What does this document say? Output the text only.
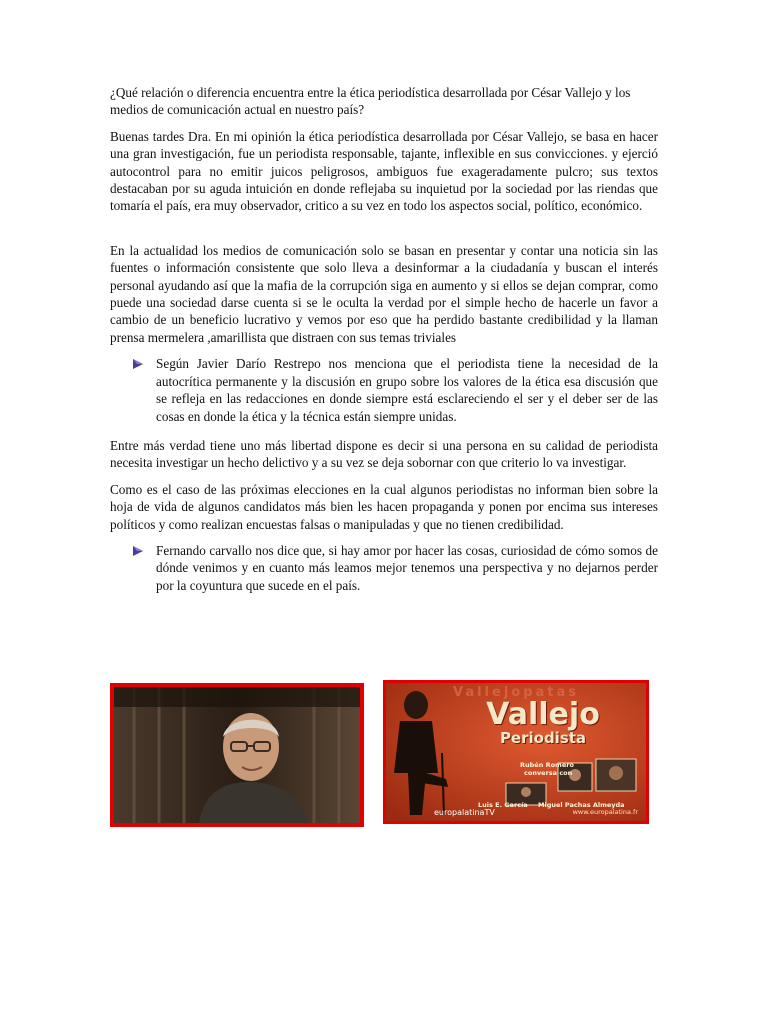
¿Qué relación o diferencia encuentra entre la ética periodística desarrollada por César Vallejo y los medios de comunicación actual en nuestro país?

Buenas tardes Dra. En mi opinión la ética periodística desarrollada por César Vallejo, se basa en hacer una gran investigación, fue un periodista responsable, tajante, inflexible en sus convicciones. y ejerció autocontrol para no emitir juicos peligrosos, ambiguos fue exageradamente pulcro; sus textos destacaban por su aguda intuición en donde reflejaba su inquietud por la sociedad por las riendas que tomaría el país, era muy observador, critico a su vez en todo los aspectos social, político, económico.

En la actualidad los medios de comunicación solo se basan en presentar y contar una noticia sin las fuentes o información consistente que solo lleva a desinformar a la ciudadanía y buscan el interés personal ayudando así que la mafia de la corrupción siga en aumento y si ellos se dejan comprar, como puede una sociedad darse cuenta si se le oculta la verdad por el simple hecho de hacerle un favor a cambio de un beneficio lucrativo y vemos por eso que ha perdido bastante credibilidad y la llaman prensa mermelera ,amarillista que distraen con sus temas triviales

Según Javier Darío Restrepo nos menciona que el periodista tiene la necesidad de la autocrítica permanente y la discusión en grupo sobre los valores de la ética esa discusión que se refleja en las redacciones en donde siempre está esclareciendo el ser y el deber ser de las cosas en donde la ética y la técnica están siempre unidas.

Entre más verdad tiene uno más libertad dispone es decir si una persona en su calidad de periodista necesita investigar un hecho delictivo y a su vez se deja sobornar con que criterio lo va investigar.

Como es el caso de las próximas elecciones en la cual algunos periodistas no informan bien sobre la hoja de vida de algunos candidatos más bien les hacen propaganda y ponen por encima sus intereses políticos y como realizan encuestas falsas o manipuladas y que no tienen credibilidad.

Fernando carvallo nos dice que, si hay amor por hacer las cosas, curiosidad de cómo somos de dónde venimos y en cuanto más leamos mejor tenemos una perspectiva y no dejarnos perder por la coyuntura que sucede en el país.
Vallejopatas
Vallejo
Periodista
Rubén Romero
conversa con
Luis E. García Miguel Pachas Almeyda
europalatinaTV	www.europalatina.fr
